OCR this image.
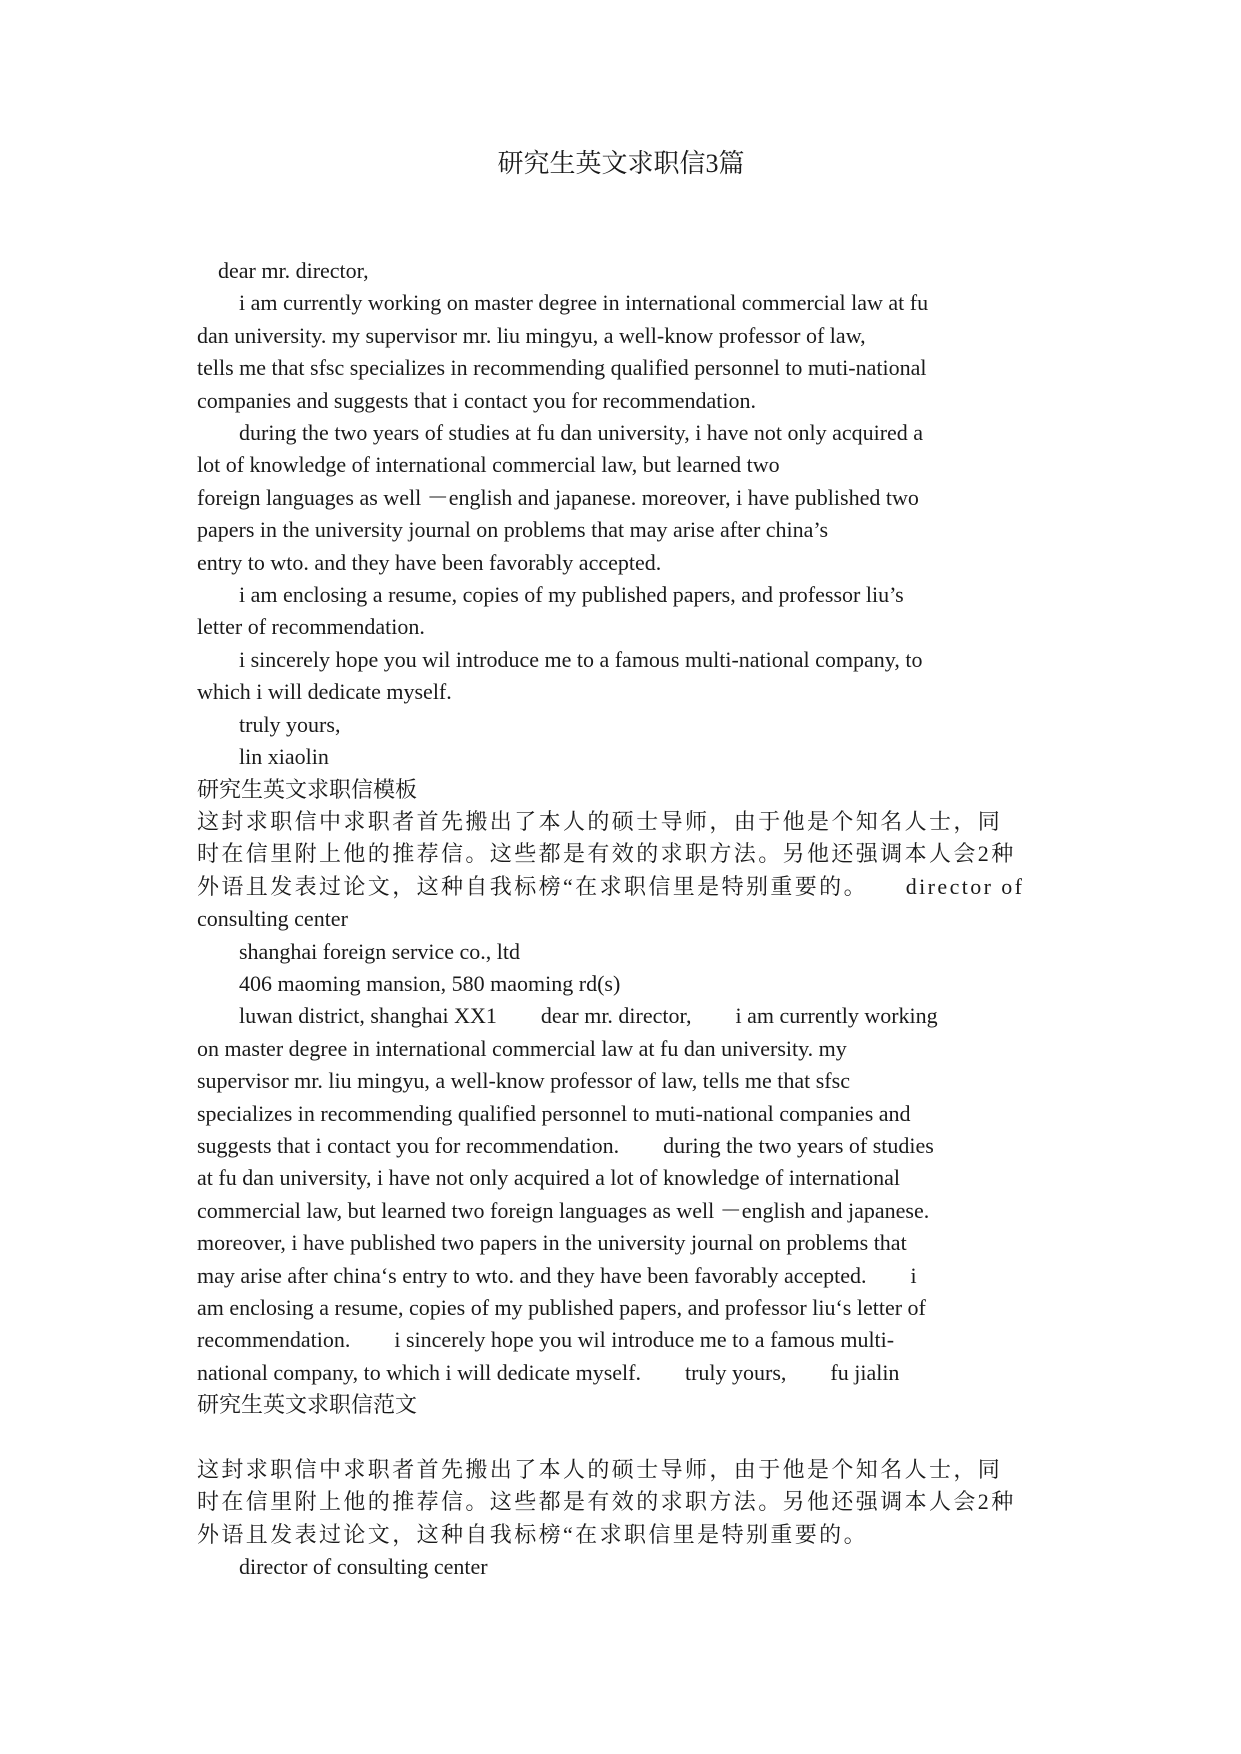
研究生英文求职信3篇
dear mr. director,
i am currently working on master degree in international commercial law at fu
dan university. my supervisor mr. liu mingyu, a well-know professor of law,
tells me that sfsc specializes in recommending qualified personnel to muti-national
companies and suggests that i contact you for recommendation.
during the two years of studies at fu dan university, i have not only acquired a
lot of knowledge of international commercial law, but learned two
foreign languages as well －english and japanese. moreover, i have published two
papers in the university journal on problems that may arise after china’s
entry to wto. and they have been favorably accepted.
i am enclosing a resume, copies of my published papers, and professor liu’s
letter of recommendation.
i sincerely hope you wil introduce me to a famous multi-national company, to
which i will dedicate myself.
truly yours,
lin xiaolin
研究生英文求职信模板
这封求职信中求职者首先搬出了本人的硕士导师，由于他是个知名人士，同
时在信里附上他的推荐信。这些都是有效的求职方法。另他还强调本人会2种
外语且发表过论文，这种自我标榜“在求职信里是特别重要的。　　director of
consulting center
shanghai foreign service co., ltd
406 maoming mansion, 580 maoming rd(s)
luwan district, shanghai XX1　　dear mr. director,　　i am currently working
on master degree in international commercial law at fu dan university. my
supervisor mr. liu mingyu, a well-know professor of law, tells me that sfsc
specializes in recommending qualified personnel to muti-national companies and
suggests that i contact you for recommendation.　　during the two years of studies
at fu dan university, i have not only acquired a lot of knowledge of international
commercial law, but learned two foreign languages as well －english and japanese.
moreover, i have published two papers in the university journal on problems that
may arise after china‘s entry to wto. and they have been favorably accepted.　　i
am enclosing a resume, copies of my published papers, and professor liu‘s letter of
recommendation.　　i sincerely hope you wil introduce me to a famous multi-
national company, to which i will dedicate myself.　　truly yours,　　fu jialin
研究生英文求职信范文

这封求职信中求职者首先搬出了本人的硕士导师，由于他是个知名人士，同
时在信里附上他的推荐信。这些都是有效的求职方法。另他还强调本人会2种
外语且发表过论文，这种自我标榜“在求职信里是特别重要的。
director of consulting center
